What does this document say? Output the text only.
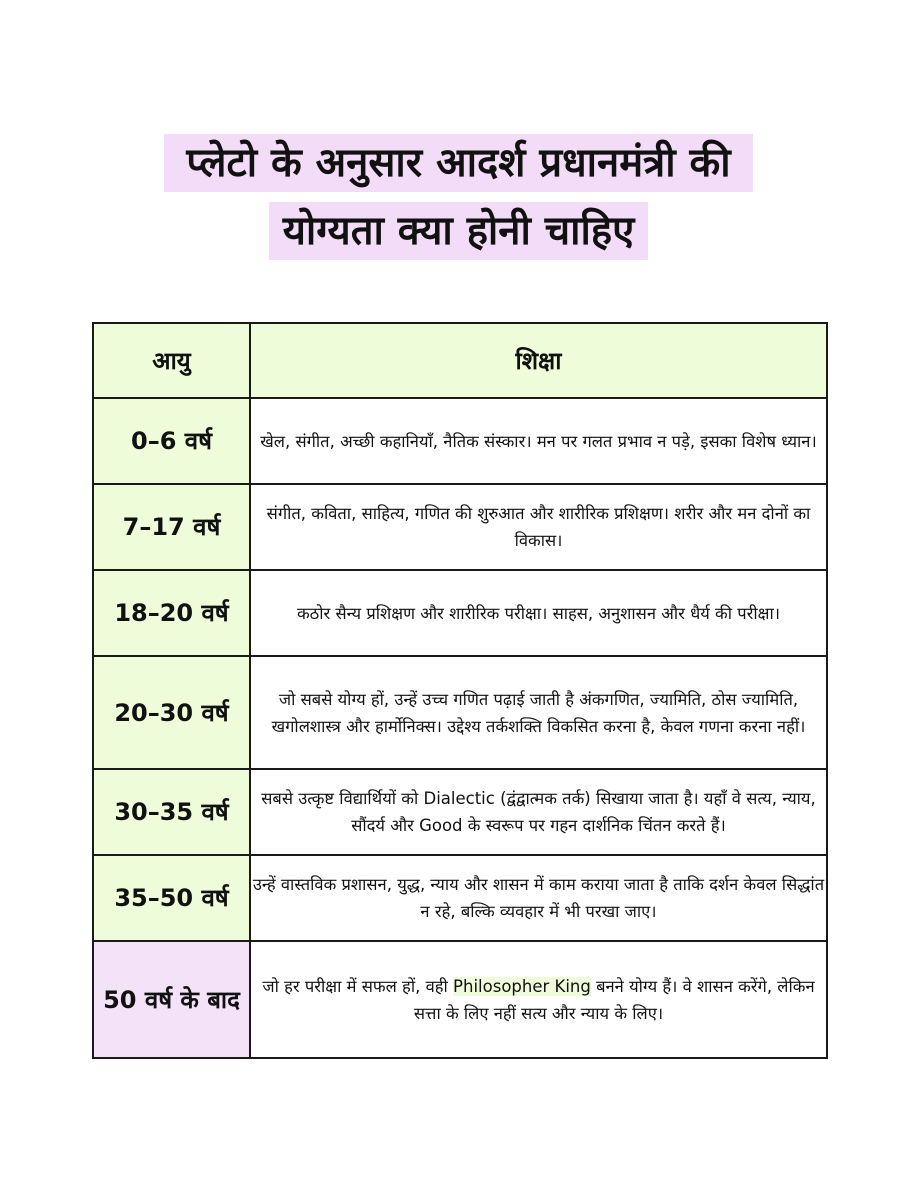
प्लेटो के अनुसार आदर्श प्रधानमंत्री की
योग्यता क्या होनी चाहिए
आयु	शिक्षा
0–6 वर्ष	खेल, संगीत, अच्छी कहानियाँ, नैतिक संस्कार। मन पर गलत प्रभाव न पड़े, इसका विशेष ध्यान।
7–17 वर्ष	संगीत, कविता, साहित्य, गणित की शुरुआत और शारीरिक प्रशिक्षण। शरीर और मन दोनों का विकास।
18–20 वर्ष	कठोर सैन्य प्रशिक्षण और शारीरिक परीक्षा। साहस, अनुशासन और धैर्य की परीक्षा।
20–30 वर्ष	जो सबसे योग्य हों, उन्हें उच्च गणित पढ़ाई जाती है अंकगणित, ज्यामिति, ठोस ज्यामिति, खगोलशास्त्र और हार्मोनिक्स। उद्देश्य तर्कशक्ति विकसित करना है, केवल गणना करना नहीं।
30–35 वर्ष	सबसे उत्कृष्ट विद्यार्थियों को Dialectic (द्वंद्वात्मक तर्क) सिखाया जाता है। यहाँ वे सत्य, न्याय, सौंदर्य और Good के स्वरूप पर गहन दार्शनिक चिंतन करते हैं।
35–50 वर्ष	उन्हें वास्तविक प्रशासन, युद्ध, न्याय और शासन में काम कराया जाता है ताकि दर्शन केवल सिद्धांत न रहे, बल्कि व्यवहार में भी परखा जाए।
50 वर्ष के बाद	जो हर परीक्षा में सफल हों, वही Philosopher King बनने योग्य हैं। वे शासन करेंगे, लेकिन सत्ता के लिए नहीं सत्य और न्याय के लिए।
